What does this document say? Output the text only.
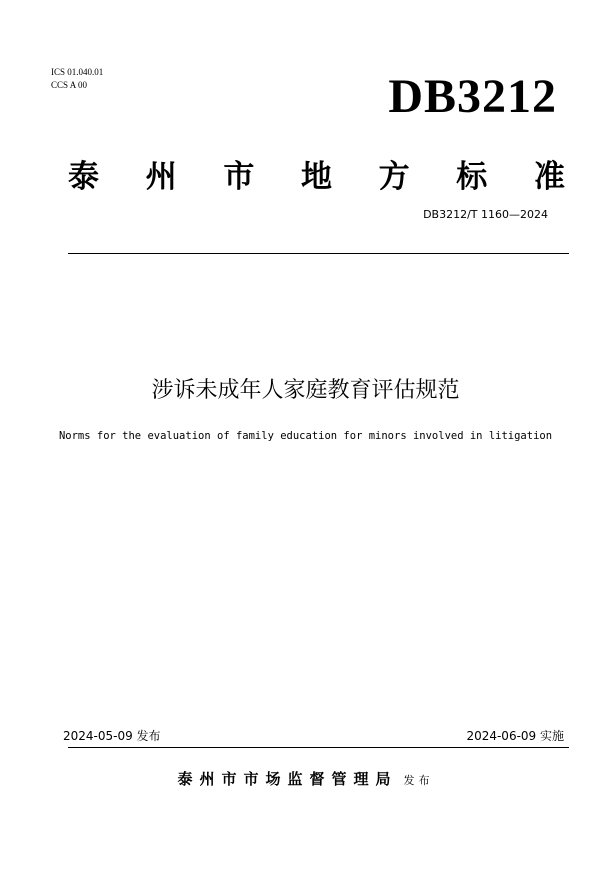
ICS 01.040.01
CCS A 00	DB3212
泰 州 市 地 方 标 准
DB3212/T 1160—2024
涉诉未成年人家庭教育评估规范
Norms for the evaluation of family education for minors involved in litigation
2024-05-09 发布	2024-06-09 实施
泰州市市场监督管理局 发布
